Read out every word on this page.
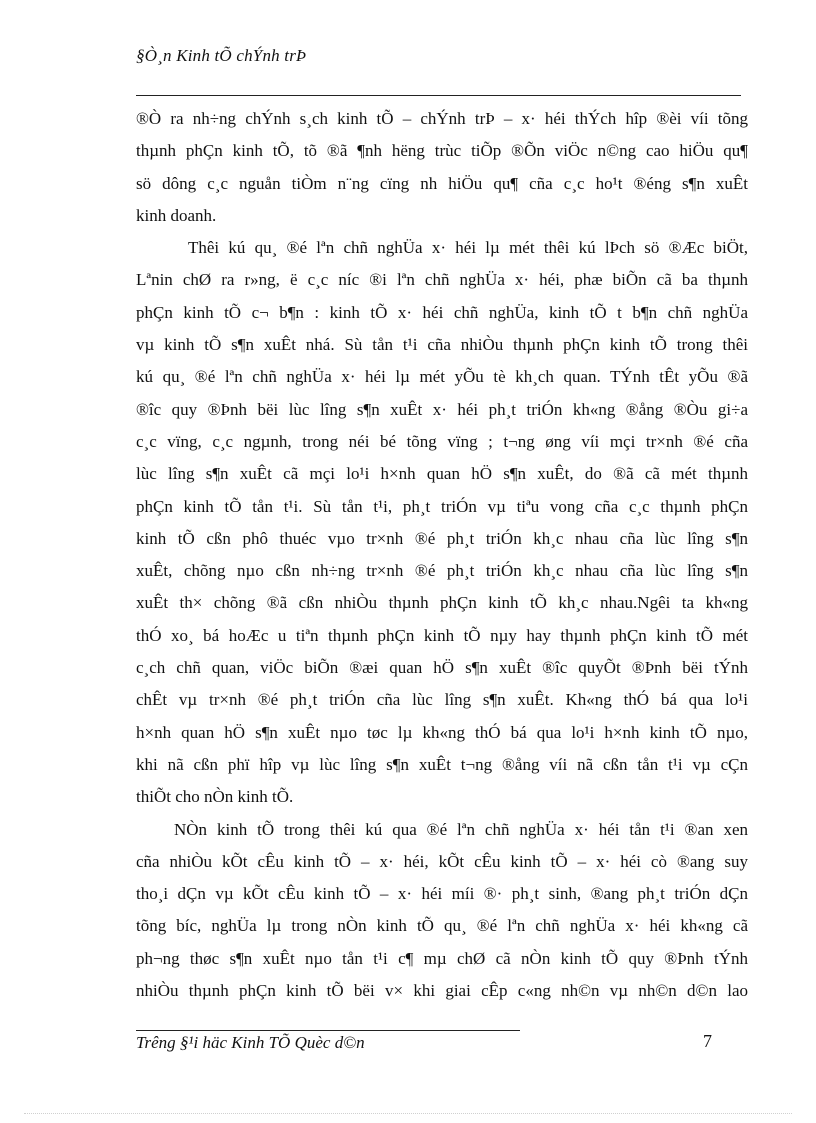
§Ò¸n Kinh tÕ chÝnh trÞ
®Ò ra nh÷ng chÝnh s¸ch kinh tÕ – chÝnh trÞ – x· héi thÝch hîp ®èi víi tõng
thµnh phÇn kinh tÕ, tõ ®ã ¶nh hëng trùc tiÕp ®Õn viÖc n©ng cao hiÖu qu¶
sö dông c¸c nguån tiÒm n¨ng cïng nh hiÖu qu¶ cña c¸c ho¹t ®éng s¶n xuÊt
kinh doanh.
Thêi kú qu¸ ®é lªn chñ nghÜa x· héi lµ mét thêi kú lÞch sö ®Æc biÖt,
Lªnin chØ ra r»ng, ë c¸c níc ®i lªn chñ nghÜa x· héi, phæ biÕn cã ba thµnh
phÇn kinh tÕ c¬ b¶n : kinh tÕ x· héi chñ nghÜa, kinh tÕ t b¶n chñ nghÜa
vµ kinh tÕ s¶n xuÊt nhá. Sù tån t¹i cña nhiÒu thµnh phÇn kinh tÕ trong thêi
kú qu¸ ®é lªn chñ nghÜa x· héi lµ mét yÕu tè kh¸ch quan. TÝnh tÊt yÕu ®ã
®îc quy ®Þnh bëi lùc lîng s¶n xuÊt x· héi ph¸t triÓn kh«ng ®ång ®Òu gi÷a
c¸c vïng, c¸c ngµnh, trong néi bé tõng vïng ; t¬ng øng víi mçi tr×nh ®é cña
lùc lîng s¶n xuÊt cã mçi lo¹i h×nh quan hÖ s¶n xuÊt, do ®ã cã mét thµnh
phÇn kinh tÕ tån t¹i. Sù tån t¹i, ph¸t triÓn vµ tiªu vong cña c¸c thµnh phÇn
kinh tÕ cßn phô thuéc vµo tr×nh ®é ph¸t triÓn kh¸c nhau cña lùc lîng s¶n
xuÊt, chõng nµo cßn nh÷ng tr×nh ®é ph¸t triÓn kh¸c nhau cña lùc lîng s¶n
xuÊt th× chõng ®ã cßn nhiÒu thµnh phÇn kinh tÕ kh¸c nhau.Ngêi ta kh«ng
thÓ xo¸ bá hoÆc u tiªn thµnh phÇn kinh tÕ nµy hay thµnh phÇn kinh tÕ mét
c¸ch chñ quan, viÖc biÕn ®æi quan hÖ s¶n xuÊt ®îc quyÕt ®Þnh bëi tÝnh
chÊt vµ tr×nh ®é ph¸t triÓn cña lùc lîng s¶n xuÊt. Kh«ng thÓ bá qua lo¹i
h×nh quan hÖ s¶n xuÊt nµo tøc lµ kh«ng thÓ bá qua lo¹i h×nh kinh tÕ nµo,
khi nã cßn phï hîp vµ lùc lîng s¶n xuÊt t¬ng ®ång víi nã cßn tån t¹i vµ cÇn
thiÕt cho nÒn kinh tÕ.
NÒn kinh tÕ trong thêi kú qua ®é lªn chñ nghÜa x· héi tån t¹i ®an xen
cña nhiÒu kÕt cÊu kinh tÕ – x· héi, kÕt cÊu kinh tÕ – x· héi cò ®ang suy
tho¸i dÇn vµ kÕt cÊu kinh tÕ – x· héi míi ®· ph¸t sinh, ®ang ph¸t triÓn dÇn
tõng bíc, nghÜa lµ trong nÒn kinh tÕ qu¸ ®é lªn chñ nghÜa x· héi kh«ng cã
ph¬ng thøc s¶n xuÊt nµo tån t¹i c¶ mµ chØ cã nÒn kinh tÕ quy ®Þnh tÝnh
nhiÒu thµnh phÇn kinh tÕ bëi v× khi giai cÊp c«ng nh©n vµ nh©n d©n lao
Trêng §¹i häc Kinh TÕ Quèc d©n	7
